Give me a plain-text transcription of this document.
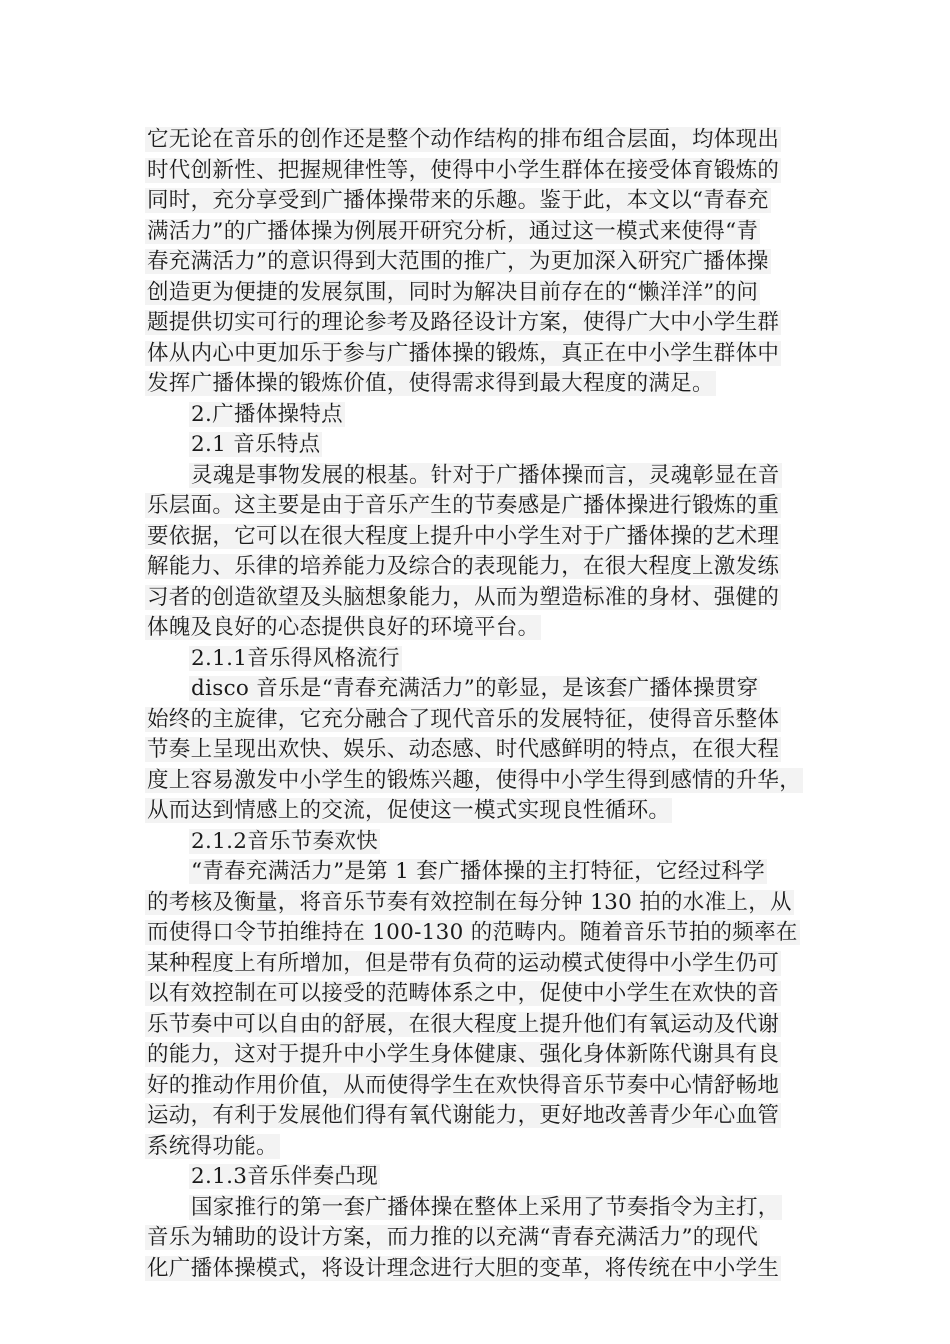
它无论在音乐的创作还是整个动作结构的排布组合层面，均体现出
时代创新性、把握规律性等，使得中小学生群体在接受体育锻炼的
同时，充分享受到广播体操带来的乐趣。鉴于此，本文以“青春充
满活力”的广播体操为例展开研究分析，通过这一模式来使得“青
春充满活力”的意识得到大范围的推广，为更加深入研究广播体操
创造更为便捷的发展氛围，同时为解决目前存在的“懒洋洋”的问
题提供切实可行的理论参考及路径设计方案，使得广大中小学生群
体从内心中更加乐于参与广播体操的锻炼，真正在中小学生群体中
发挥广播体操的锻炼价值，使得需求得到最大程度的满足。
2.广播体操特点
2.1 音乐特点
灵魂是事物发展的根基。针对于广播体操而言，灵魂彰显在音
乐层面。这主要是由于音乐产生的节奏感是广播体操进行锻炼的重
要依据，它可以在很大程度上提升中小学生对于广播体操的艺术理
解能力、乐律的培养能力及综合的表现能力，在很大程度上激发练
习者的创造欲望及头脑想象能力，从而为塑造标准的身材、强健的
体魄及良好的心态提供良好的环境平台。
2.1.1音乐得风格流行
disco 音乐是“青春充满活力”的彰显，是该套广播体操贯穿
始终的主旋律，它充分融合了现代音乐的发展特征，使得音乐整体
节奏上呈现出欢快、娱乐、动态感、时代感鲜明的特点，在很大程
度上容易激发中小学生的锻炼兴趣，使得中小学生得到感情的升华，
从而达到情感上的交流，促使这一模式实现良性循环。
2.1.2音乐节奏欢快
“青春充满活力”是第 1 套广播体操的主打特征，它经过科学
的考核及衡量，将音乐节奏有效控制在每分钟 130 拍的水准上，从
而使得口令节拍维持在 100-130 的范畴内。随着音乐节拍的频率在
某种程度上有所增加，但是带有负荷的运动模式使得中小学生仍可
以有效控制在可以接受的范畴体系之中，促使中小学生在欢快的音
乐节奏中可以自由的舒展，在很大程度上提升他们有氧运动及代谢
的能力，这对于提升中小学生身体健康、强化身体新陈代谢具有良
好的推动作用价值，从而使得学生在欢快得音乐节奏中心情舒畅地
运动，有利于发展他们得有氧代谢能力，更好地改善青少年心血管
系统得功能。
2.1.3音乐伴奏凸现
国家推行的第一套广播体操在整体上采用了节奏指令为主打，
音乐为辅助的设计方案，而力推的以充满“青春充满活力”的现代
化广播体操模式，将设计理念进行大胆的变革，将传统在中小学生
